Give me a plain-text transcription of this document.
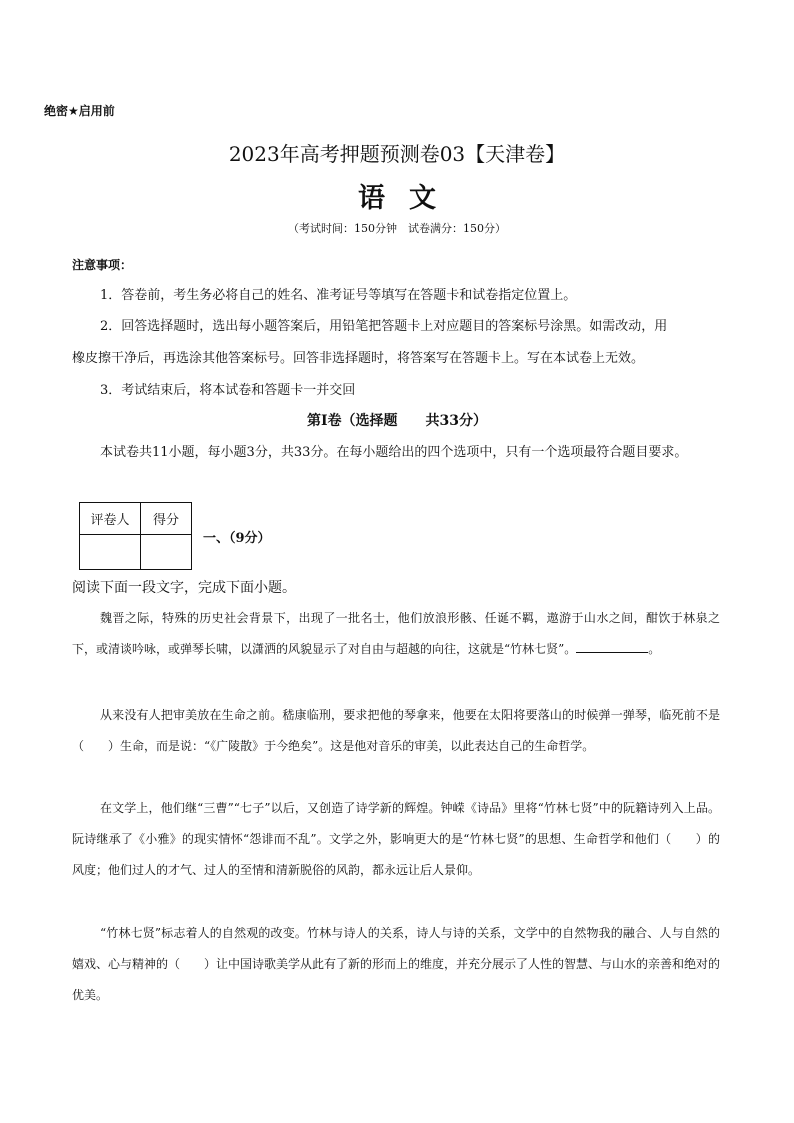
绝密★启用前
2023年高考押题预测卷03【天津卷】
语文
（考试时间：150分钟　试卷满分：150分）
注意事项：
1．答卷前，考生务必将自己的姓名、准考证号等填写在答题卡和试卷指定位置上。
2．回答选择题时，选出每小题答案后，用铅笔把答题卡上对应题目的答案标号涂黑。如需改动，用
橡皮擦干净后，再选涂其他答案标号。回答非选择题时，将答案写在答题卡上。写在本试卷上无效。
3．考试结束后，将本试卷和答题卡一并交回
第Ⅰ卷（选择题　　共33分）
本试卷共11小题，每小题3分，共33分。在每小题给出的四个选项中，只有一个选项最符合题目要求。
评卷人	得分

一、（9分）
阅读下面一段文字，完成下面小题。
魏晋之际，特殊的历史社会背景下，出现了一批名士，他们放浪形骸、任诞不羁，遨游于山水之间，酣饮于林泉之下，或清谈吟咏，或弹琴长啸，以潇洒的风貌显示了对自由与超越的向往，这就是“竹林七贤”。	。
从来没有人把审美放在生命之前。嵇康临刑，要求把他的琴拿来，他要在太阳将要落山的时候弹一弹琴，临死前不是（　　）生命，而是说：“《广陵散》于今绝矣”。这是他对音乐的审美，以此表达自己的生命哲学。
在文学上，他们继“三曹”“七子”以后，又创造了诗学新的辉煌。钟嵘《诗品》里将“竹林七贤”中的阮籍诗列入上品。阮诗继承了《小雅》的现实情怀“怨诽而不乱”。文学之外，影响更大的是“竹林七贤”的思想、生命哲学和他们（　　）的风度；他们过人的才气、过人的至情和清新脱俗的风韵，都永远让后人景仰。
“竹林七贤”标志着人的自然观的改变。竹林与诗人的关系，诗人与诗的关系，文学中的自然物我的融合、人与自然的嬉戏、心与精神的（　　）让中国诗歌美学从此有了新的形而上的维度，并充分展示了人性的智慧、与山水的亲善和绝对的优美。
